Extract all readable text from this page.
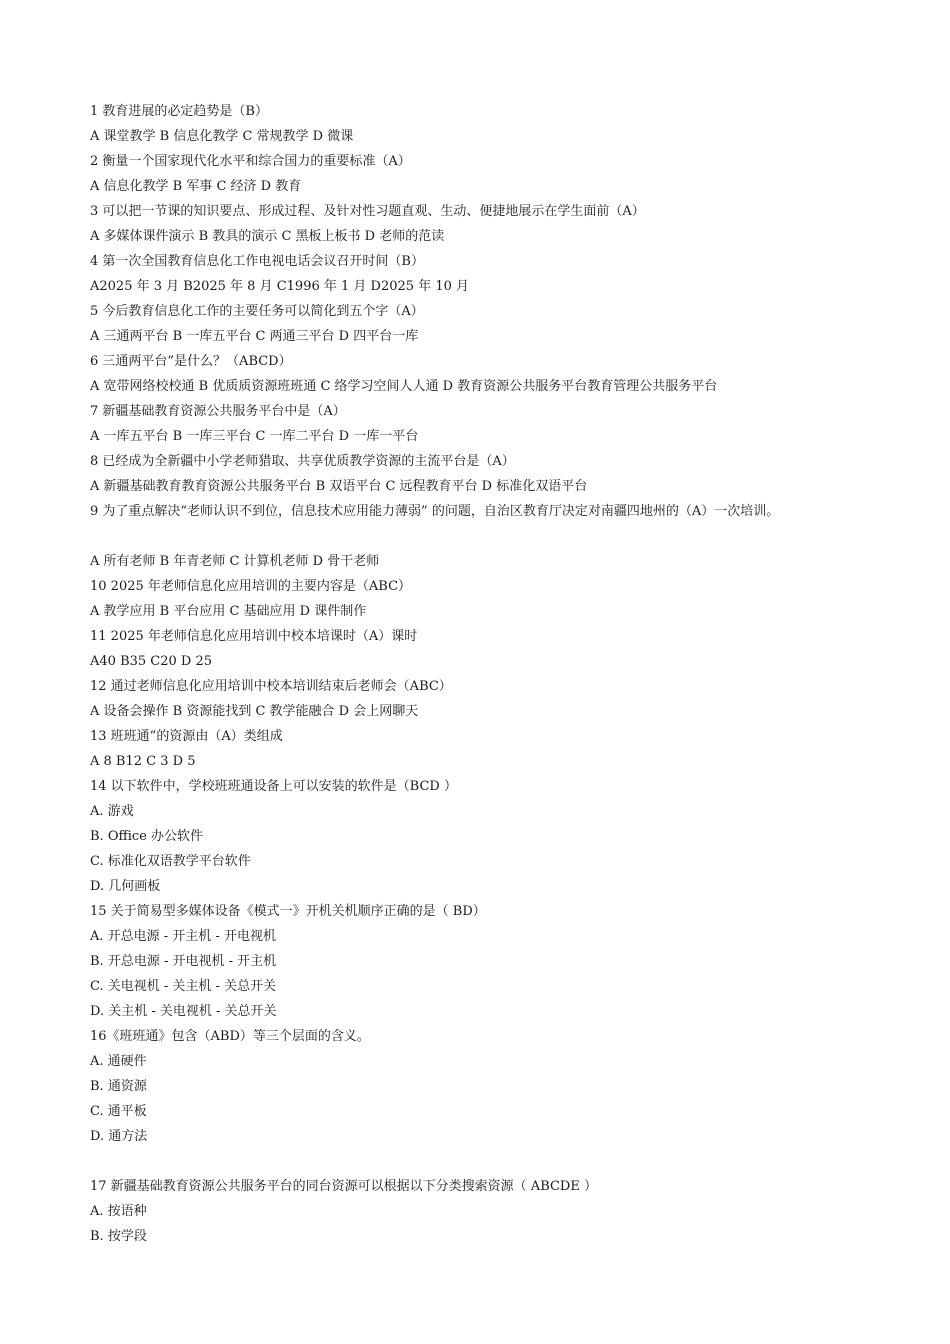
1 教育进展的必定趋势是（B）
A 课堂教学 B 信息化教学 C 常规教学 D 微课
2 衡量一个国家现代化水平和综合国力的重要标准（A）
A 信息化教学 B 军事 C 经济 D 教育
3 可以把一节课的知识要点、形成过程、及针对性习题直观、生动、便捷地展示在学生面前（A）
A 多媒体课件演示 B 教具的演示 C 黑板上板书 D 老师的范读
4 第一次全国教育信息化工作电视电话会议召开时间（B）
A2025 年 3 月 B2025 年 8 月 C1996 年 1 月 D2025 年 10 月
5 今后教育信息化工作的主要任务可以简化到五个字（A）
A 三通两平台 B 一库五平台 C 两通三平台 D 四平台一库
6 三通两平台”是什么？（ABCD）
A 宽带网络校校通 B 优质质资源班班通 C 络学习空间人人通 D 教育资源公共服务平台教育管理公共服务平台
7 新疆基础教育资源公共服务平台中是（A）
A 一库五平台 B 一库三平台 C 一库二平台 D 一库一平台
8 已经成为全新疆中小学老师猎取、共享优质教学资源的主流平台是（A）
A 新疆基础教育教育资源公共服务平台 B 双语平台 C 远程教育平台 D 标准化双语平台
9 为了重点解决“老师认识不到位，信息技术应用能力薄弱” 的问题，自治区教育厅决定对南疆四地州的（A）一次培训。
A 所有老师 B 年青老师 C 计算机老师 D 骨干老师
10 2025 年老师信息化应用培训的主要内容是（ABC）
A 教学应用 B 平台应用 C 基础应用 D 课件制作
11 2025 年老师信息化应用培训中校本培课时（A）课时
A40 B35 C20 D 25
12 通过老师信息化应用培训中校本培训结束后老师会（ABC）
A 设备会操作 B 资源能找到 C 教学能融合 D 会上网聊天
13 班班通”的资源由（A）类组成
A 8 B12 C 3 D 5
14 以下软件中，学校班班通设备上可以安装的软件是（BCD ）
A. 游戏
B. Office 办公软件
C. 标准化双语教学平台软件
D. 几何画板
15 关于简易型多媒体设备《模式一》开机关机顺序正确的是（ BD）
A. 开总电源 - 开主机 - 开电视机
B. 开总电源 - 开电视机 - 开主机
C. 关电视机 - 关主机 - 关总开关
D. 关主机 - 关电视机 - 关总开关
16《班班通》包含（ABD）等三个层面的含义。
A. 通硬件
B. 通资源
C. 通平板
D. 通方法
17 新疆基础教育资源公共服务平台的同台资源可以根据以下分类搜索资源（ ABCDE ）
A. 按语种
B. 按学段
